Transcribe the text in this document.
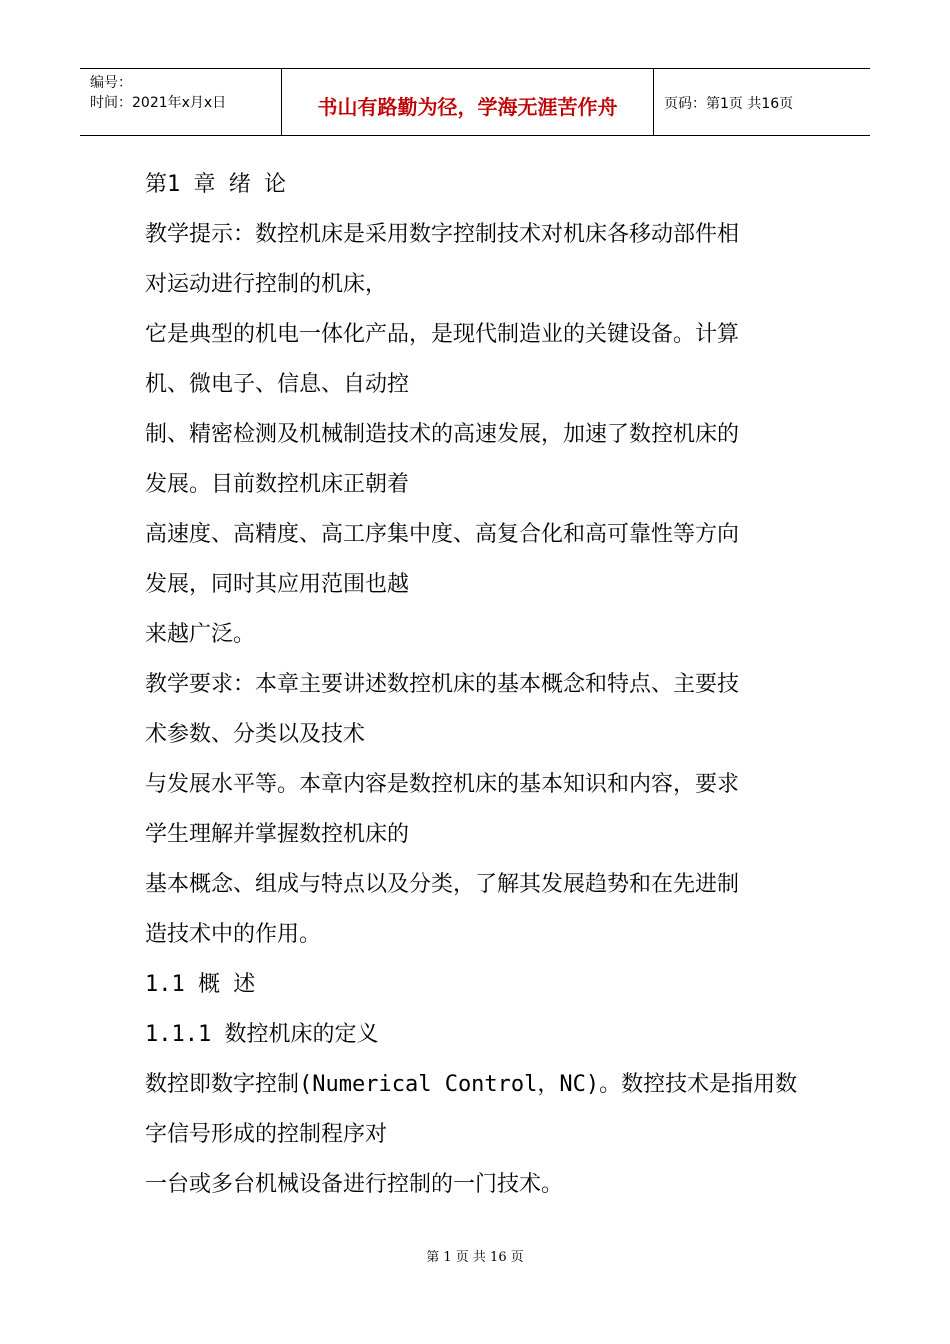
编号：
时间：2021年x月x日	书山有路勤为径，学海无涯苦作舟	页码：第1页 共16页
第1 章 绪 论
教学提示：数控机床是采用数字控制技术对机床各移动部件相
对运动进行控制的机床，
它是典型的机电一体化产品，是现代制造业的关键设备。计算
机、微电子、信息、自动控
制、精密检测及机械制造技术的高速发展，加速了数控机床的
发展。目前数控机床正朝着
高速度、高精度、高工序集中度、高复合化和高可靠性等方向
发展，同时其应用范围也越
来越广泛。
教学要求：本章主要讲述数控机床的基本概念和特点、主要技
术参数、分类以及技术
与发展水平等。本章内容是数控机床的基本知识和内容，要求
学生理解并掌握数控机床的
基本概念、组成与特点以及分类，了解其发展趋势和在先进制
造技术中的作用。
1.1 概 述
1.1.1 数控机床的定义
数控即数字控制(Numerical Control，NC)。数控技术是指用数
字信号形成的控制程序对
一台或多台机械设备进行控制的一门技术。
第 1 页 共 16 页
